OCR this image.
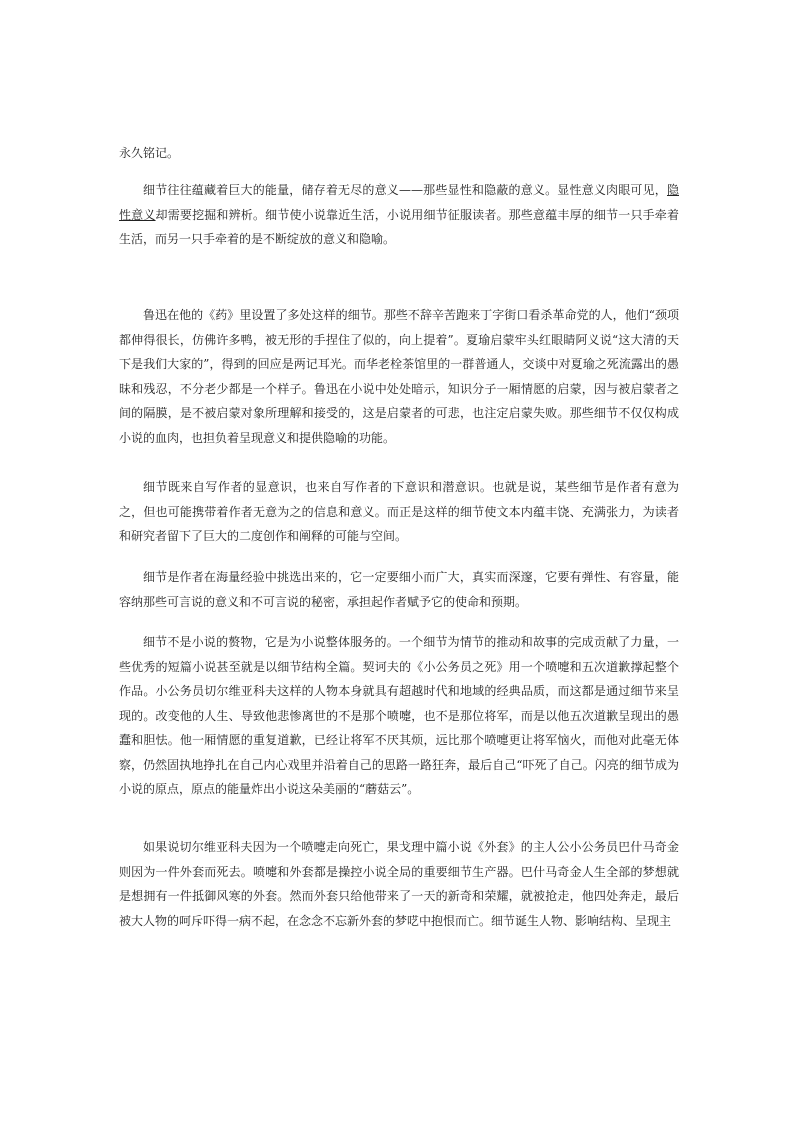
永久铭记。

细节往往蕴藏着巨大的能量，储存着无尽的意义——那些显性和隐蔽的意义。显性意义肉眼可见，隐性意义却需要挖掘和辨析。细节使小说靠近生活，小说用细节征服读者。那些意蕴丰厚的细节一只手牵着生活，而另一只手牵着的是不断绽放的意义和隐喻。

鲁迅在他的《药》里设置了多处这样的细节。那些不辞辛苦跑来丁字街口看杀革命党的人，他们“颈项都伸得很长，仿佛许多鸭，被无形的手捏住了似的，向上提着”。夏瑜启蒙牢头红眼睛阿义说“这大清的天下是我们大家的”，得到的回应是两记耳光。而华老栓茶馆里的一群普通人，交谈中对夏瑜之死流露出的愚昧和残忍，不分老少都是一个样子。鲁迅在小说中处处暗示，知识分子一厢情愿的启蒙，因与被启蒙者之间的隔膜，是不被启蒙对象所理解和接受的，这是启蒙者的可悲，也注定启蒙失败。那些细节不仅仅构成小说的血肉，也担负着呈现意义和提供隐喻的功能。

细节既来自写作者的显意识，也来自写作者的下意识和潜意识。也就是说，某些细节是作者有意为之，但也可能携带着作者无意为之的信息和意义。而正是这样的细节使文本内蕴丰饶、充满张力，为读者和研究者留下了巨大的二度创作和阐释的可能与空间。

细节是作者在海量经验中挑选出来的，它一定要细小而广大，真实而深邃，它要有弹性、有容量，能容纳那些可言说的意义和不可言说的秘密，承担起作者赋予它的使命和预期。

细节不是小说的赘物，它是为小说整体服务的。一个细节为情节的推动和故事的完成贡献了力量，一些优秀的短篇小说甚至就是以细节结构全篇。契诃夫的《小公务员之死》用一个喷嚏和五次道歉撑起整个作品。小公务员切尔维亚科夫这样的人物本身就具有超越时代和地域的经典品质，而这都是通过细节来呈现的。改变他的人生、导致他悲惨离世的不是那个喷嚏，也不是那位将军，而是以他五次道歉呈现出的愚蠢和胆怯。他一厢情愿的重复道歉，已经让将军不厌其烦，远比那个喷嚏更让将军恼火，而他对此毫无体察，仍然固执地挣扎在自己内心戏里并沿着自己的思路一路狂奔，最后自己“吓死了自己。闪亮的细节成为小说的原点，原点的能量炸出小说这朵美丽的“蘑菇云”。

如果说切尔维亚科夫因为一个喷嚏走向死亡，果戈理中篇小说《外套》的主人公小公务员巴什马奇金则因为一件外套而死去。喷嚏和外套都是操控小说全局的重要细节生产器。巴什马奇金人生全部的梦想就是想拥有一件抵御风寒的外套。然而外套只给他带来了一天的新奇和荣耀，就被抢走，他四处奔走，最后被大人物的呵斥吓得一病不起，在念念不忘新外套的梦呓中抱恨而亡。细节诞生人物、影响结构、呈现主
